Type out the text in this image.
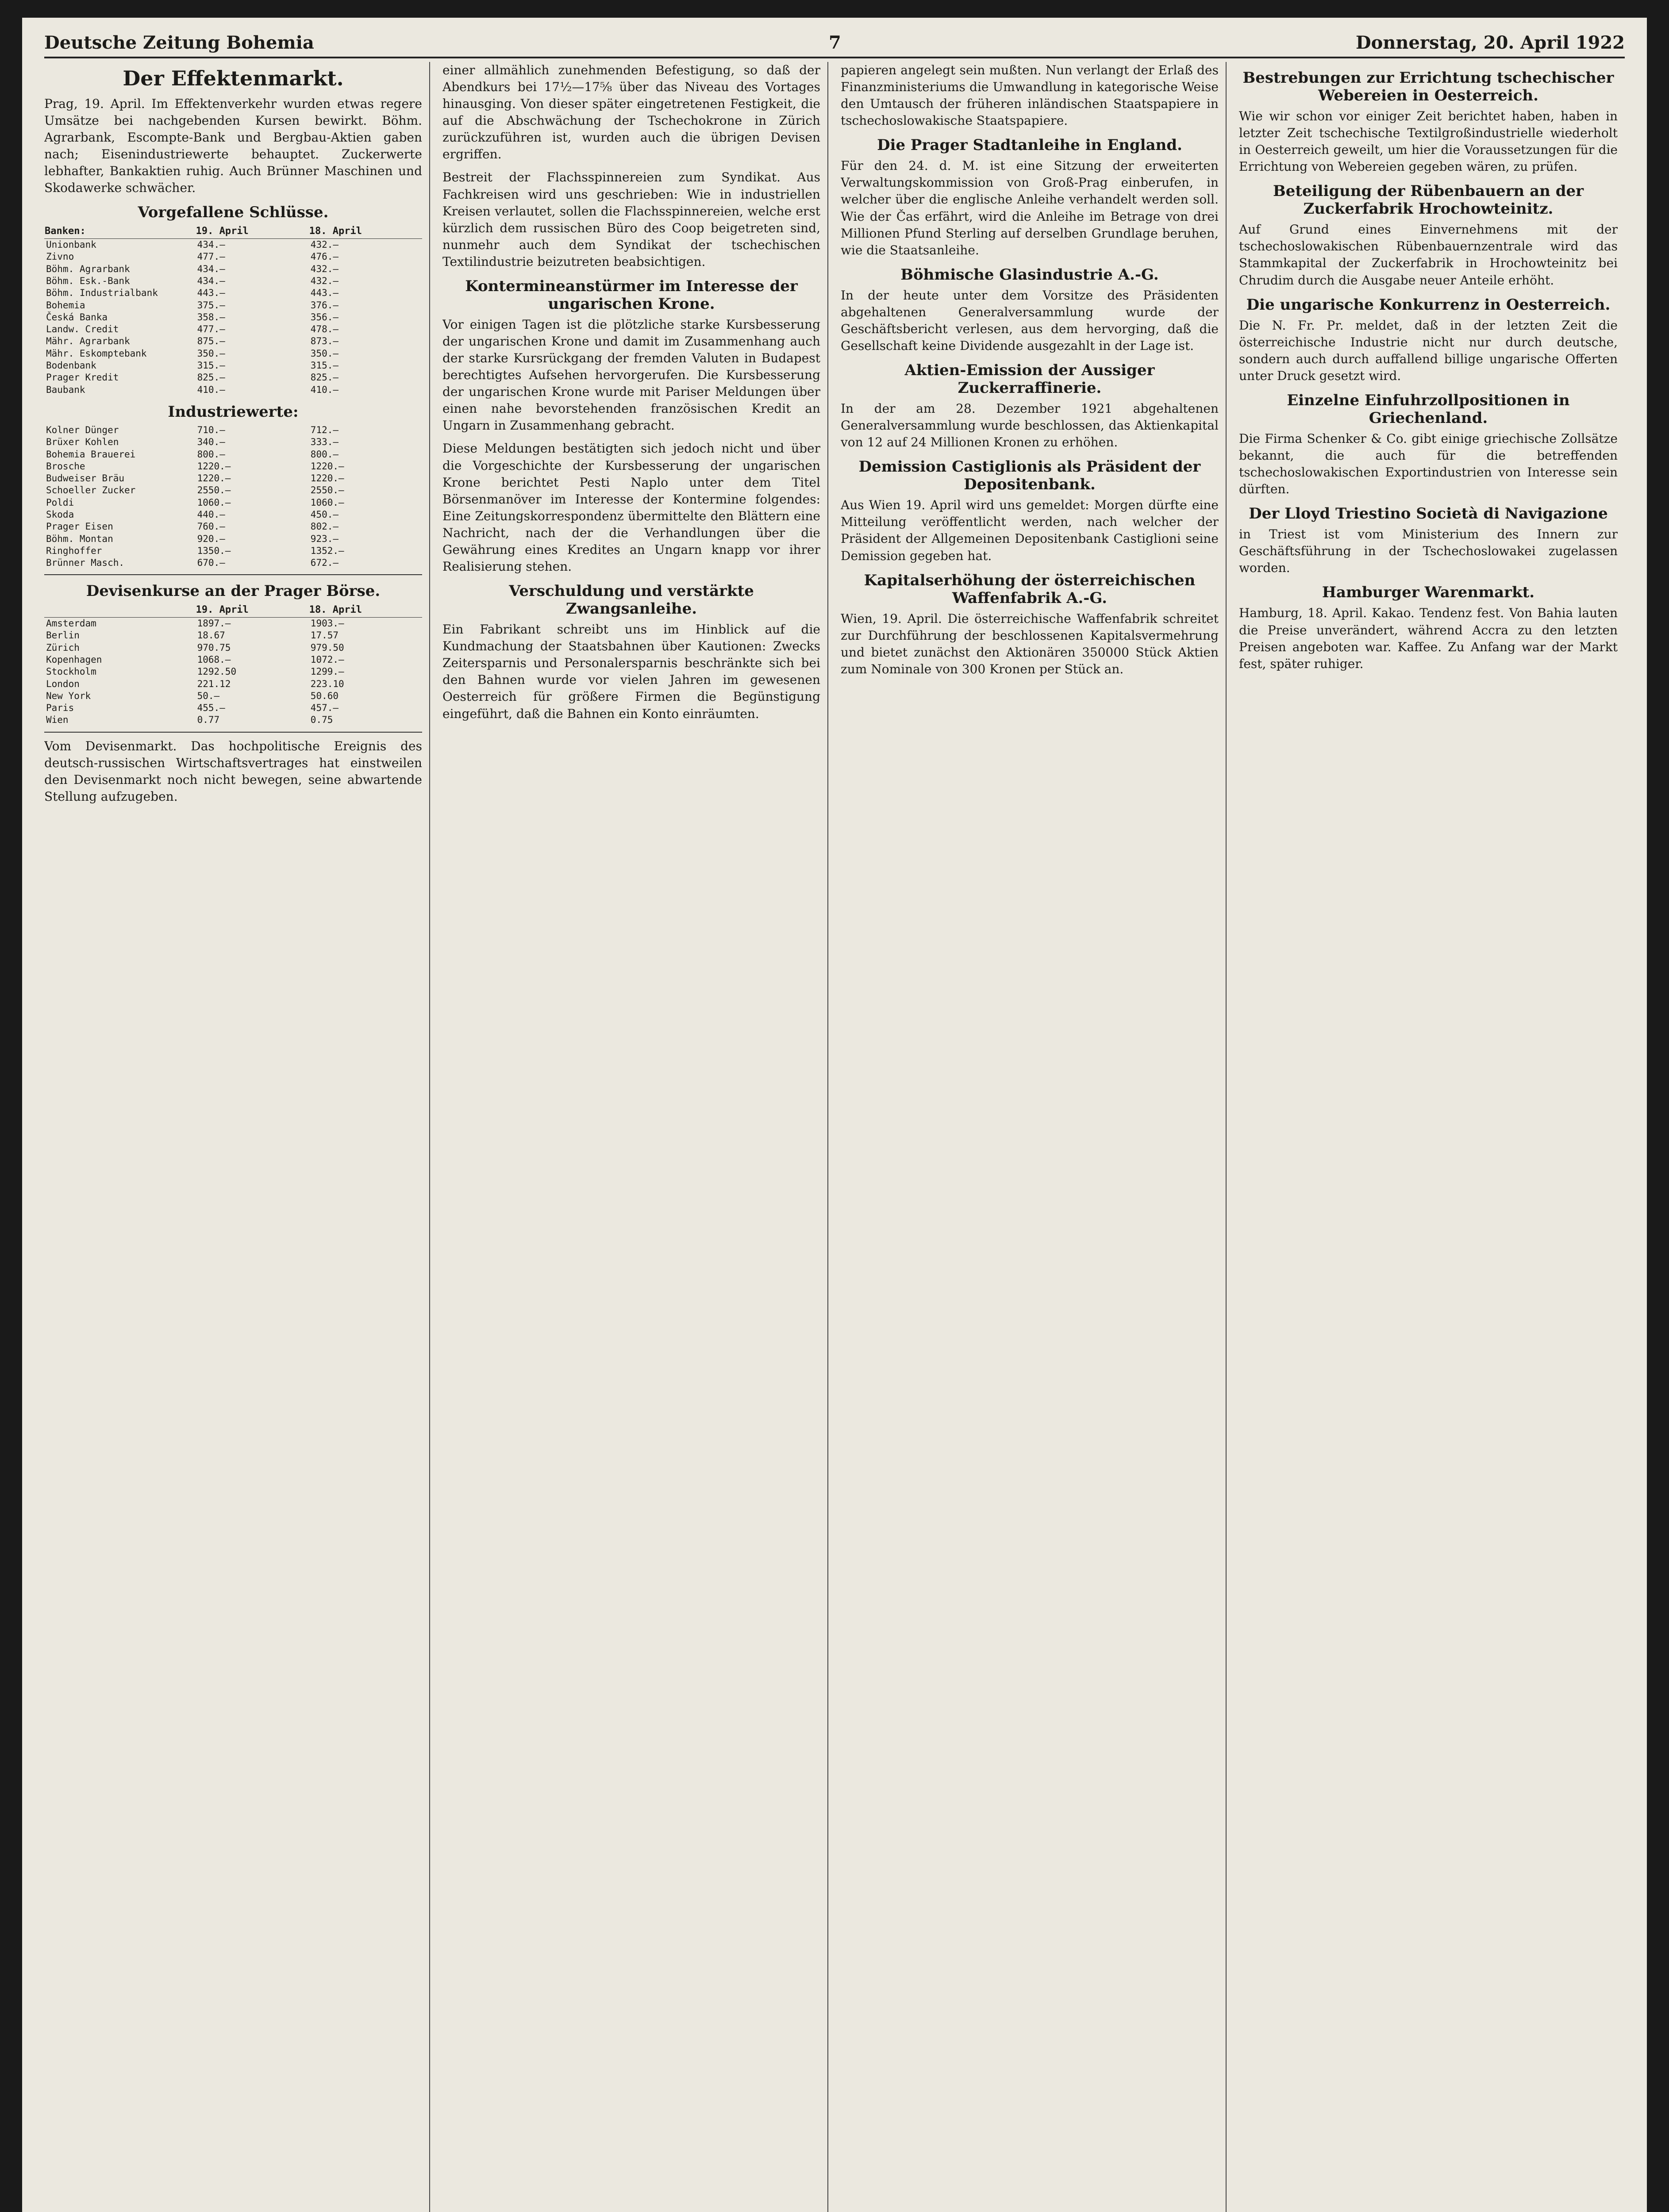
Deutsche Zeitung Bohemia	7	Donnerstag, 20. April 1922
Der Effektenmarkt.

Prag, 19. April. Im Effektenverkehr wurden etwas regere Umsätze bei nachgebenden Kursen bewirkt. Böhm. Agrarbank, Escompte-Bank und Bergbau-Aktien gaben nach; Eisenindustriewerte behauptet. Zuckerwerte lebhafter, Bankaktien ruhig. Auch Brünner Maschinen und Skodawerke schwächer.

Vorgefallene Schlüsse.
Banken:	19. April	18. April
Unionbank	434.—	432.—
Zivno	477.—	476.—
Böhm. Agrarbank	434.—	432.—
Böhm. Esk.-Bank	434.—	432.—
Böhm. Industrialbank	443.—	443.—
Bohemia	375.—	376.—
Česká Banka	358.—	356.—
Landw. Credit	477.—	478.—
Mähr. Agrarbank	875.—	873.—
Mähr. Eskomptebank	350.—	350.—
Bodenbank	315.—	315.—
Prager Kredit	825.—	825.—
Baubank	410.—	410.—
Industriewerte:
Kolner Dünger	710.—	712.—
Brüxer Kohlen	340.—	333.—
Bohemia Brauerei	800.—	800.—
Brosche	1220.—	1220.—
Budweiser Bräu	1220.—	1220.—
Schoeller Zucker	2550.—	2550.—
Poldi	1060.—	1060.—
Skoda	440.—	450.—
Prager Eisen	760.—	802.—
Böhm. Montan	920.—	923.—
Ringhoffer	1350.—	1352.—
Brünner Masch.	670.—	672.—
Devisenkurse an der Prager Börse.
	19. April	18. April
Amsterdam	1897.—	1903.—
Berlin	18.67	17.57
Zürich	970.75	979.50
Kopenhagen	1068.—	1072.—
Stockholm	1292.50	1299.—
London	221.12	223.10
New York	50.—	50.60
Paris	455.—	457.—
Wien	0.77	0.75

Vom Devisenmarkt. Das hochpolitische Ereignis des deutsch-russischen Wirtschaftsvertrages hat einstweilen den Devisenmarkt noch nicht bewegen, seine abwartende Stellung aufzugeben.

einer allmählich zunehmenden Befestigung, so daß der Abendkurs bei 17½—17⅝ über das Niveau des Vortages hinausging. Von dieser später eingetretenen Festigkeit, die auf die Abschwächung der Tschechokrone in Zürich zurückzuführen ist, wurden auch die übrigen Devisen ergriffen.

Bestreit der Flachsspinnereien zum Syndikat. Aus Fachkreisen wird uns geschrieben: Wie in industriellen Kreisen verlautet, sollen die Flachsspinnereien, welche erst kürzlich dem russischen Büro des Coop beigetreten sind, nunmehr auch dem Syndikat der tschechischen Textilindustrie beizutreten beabsichtigen.

Kontermineanstürmer im Interesse der ungarischen Krone.

Vor einigen Tagen ist die plötzliche starke Kursbesserung der ungarischen Krone und damit im Zusammenhang auch der starke Kursrückgang der fremden Valuten in Budapest berechtigtes Aufsehen hervorgerufen. Die Kursbesserung der ungarischen Krone wurde mit Pariser Meldungen über einen nahe bevorstehenden französischen Kredit an Ungarn in Zusammenhang gebracht.

Diese Meldungen bestätigten sich jedoch nicht und über die Vorgeschichte der Kursbesserung der ungarischen Krone berichtet Pesti Naplo unter dem Titel Börsenmanöver im Interesse der Kontermine folgendes: Eine Zeitungskorrespondenz übermittelte den Blättern eine Nachricht, nach der die Verhandlungen über die Gewährung eines Kredites an Ungarn knapp vor ihrer Realisierung stehen.

Verschuldung und verstärkte Zwangsanleihe.

Ein Fabrikant schreibt uns im Hinblick auf die Kundmachung der Staatsbahnen über Kautionen: Zwecks Zeitersparnis und Personalersparnis beschränkte sich bei den Bahnen wurde vor vielen Jahren im gewesenen Oesterreich für größere Firmen die Begünstigung eingeführt, daß die Bahnen ein Konto einräumten.

papieren angelegt sein mußten. Nun verlangt der Erlaß des Finanzministeriums die Umwandlung in kategorische Weise den Umtausch der früheren inländischen Staatspapiere in tschechoslowakische Staatspapiere.

Die Prager Stadtanleihe in England.

Für den 24. d. M. ist eine Sitzung der erweiterten Verwaltungskommission von Groß-Prag einberufen, in welcher über die englische Anleihe verhandelt werden soll. Wie der Čas erfährt, wird die Anleihe im Betrage von drei Millionen Pfund Sterling auf derselben Grundlage beruhen, wie die Staatsanleihe.

Böhmische Glasindustrie A.-G.

In der heute unter dem Vorsitze des Präsidenten abgehaltenen Generalversammlung wurde der Geschäftsbericht verlesen, aus dem hervorging, daß die Gesellschaft keine Dividende ausgezahlt in der Lage ist.

Aktien-Emission der Aussiger Zuckerraffinerie.

In der am 28. Dezember 1921 abgehaltenen Generalversammlung wurde beschlossen, das Aktienkapital von 12 auf 24 Millionen Kronen zu erhöhen.

Demission Castiglionis als Präsident der Depositenbank.

Aus Wien 19. April wird uns gemeldet: Morgen dürfte eine Mitteilung veröffentlicht werden, nach welcher der Präsident der Allgemeinen Depositenbank Castiglioni seine Demission gegeben hat.

Kapitalserhöhung der österreichischen Waffenfabrik A.-G.

Wien, 19. April. Die österreichische Waffenfabrik schreitet zur Durchführung der beschlossenen Kapitalsvermehrung und bietet zunächst den Aktionären 350000 Stück Aktien zum Nominale von 300 Kronen per Stück an.

Bestrebungen zur Errichtung tschechischer Webereien in Oesterreich.

Wie wir schon vor einiger Zeit berichtet haben, haben in letzter Zeit tschechische Textilgroßindustrielle wiederholt in Oesterreich geweilt, um hier die Voraussetzungen für die Errichtung von Webereien gegeben wären, zu prüfen.

Beteiligung der Rübenbauern an der Zuckerfabrik Hrochowteinitz.

Auf Grund eines Einvernehmens mit der tschechoslowakischen Rübenbauernzentrale wird das Stammkapital der Zuckerfabrik in Hrochowteinitz bei Chrudim durch die Ausgabe neuer Anteile erhöht.

Die ungarische Konkurrenz in Oesterreich.

Die N. Fr. Pr. meldet, daß in der letzten Zeit die österreichische Industrie nicht nur durch deutsche, sondern auch durch auffallend billige ungarische Offerten unter Druck gesetzt wird.

Einzelne Einfuhrzollpositionen in Griechenland.

Die Firma Schenker & Co. gibt einige griechische Zollsätze bekannt, die auch für die betreffenden tschechoslowakischen Exportindustrien von Interesse sein dürften.

Der Lloyd Triestino Società di Navigazione

in Triest ist vom Ministerium des Innern zur Geschäftsführung in der Tschechoslowakei zugelassen worden.

Hamburger Warenmarkt.

Hamburg, 18. April. Kakao. Tendenz fest. Von Bahia lauten die Preise unverändert, während Accra zu den letzten Preisen angeboten war. Kaffee. Zu Anfang war der Markt fest, später ruhiger.
